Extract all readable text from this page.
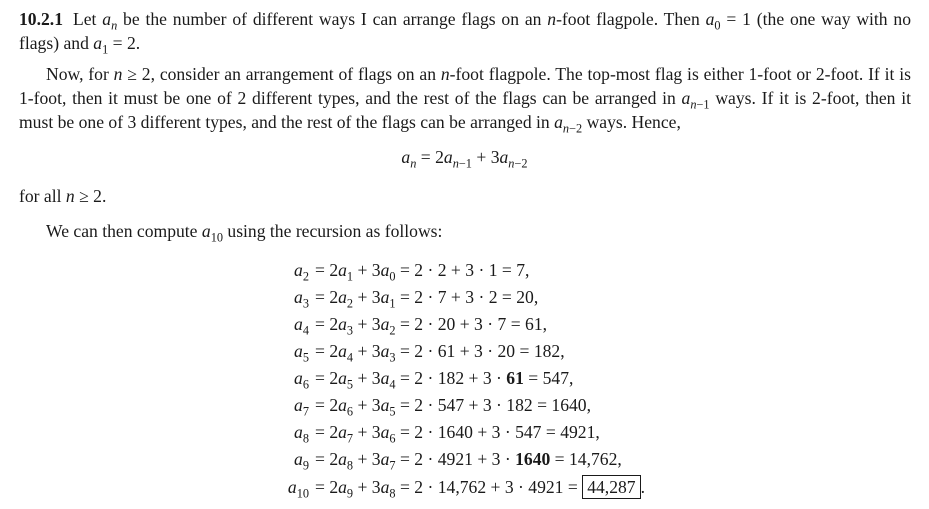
10.2.1 Let $a_n$ be the number of different ways I can arrange flags on an n-foot flagpole. Then $a_0 = 1$ (the one way with no flags) and $a_1 = 2$.

Now, for n ≥ 2, consider an arrangement of flags on an n-foot flagpole. The top-most flag is either 1-foot or 2-foot. If it is 1-foot, then it must be one of 2 different types, and the rest of the flags can be arranged in $a_{n-1}$ ways. If it is 2-foot, then it must be one of 3 different types, and the rest of the flags can be arranged in $a_{n-2}$ ways. Hence,

$a_n = 2a_{n-1} + 3a_{n-2}$

for all n ≥ 2.

We can then compute $a_{10}$ using the recursion as follows:

$a_2 = 2a_1 + 3a_0 = 2 \cdot 2 + 3 \cdot 1 = 7$,
$a_3 = 2a_2 + 3a_1 = 2 \cdot 7 + 3 \cdot 2 = 20$,
$a_4 = 2a_3 + 3a_2 = 2 \cdot 20 + 3 \cdot 7 = 61$,
$a_5 = 2a_4 + 3a_3 = 2 \cdot 61 + 3 \cdot 20 = 182$,
$a_6 = 2a_5 + 3a_4 = 2 \cdot 182 + 3 \cdot 61 = 547$,
$a_7 = 2a_6 + 3a_5 = 2 \cdot 547 + 3 \cdot 182 = 1640$,
$a_8 = 2a_7 + 3a_6 = 2 \cdot 1640 + 3 \cdot 547 = 4921$,
$a_9 = 2a_8 + 3a_7 = 2 \cdot 4921 + 3 \cdot 1640 = 14,762$,
$a_{10} = 2a_9 + 3a_8 = 2 \cdot 14,762 + 3 \cdot 4921 = 44,287$ .
